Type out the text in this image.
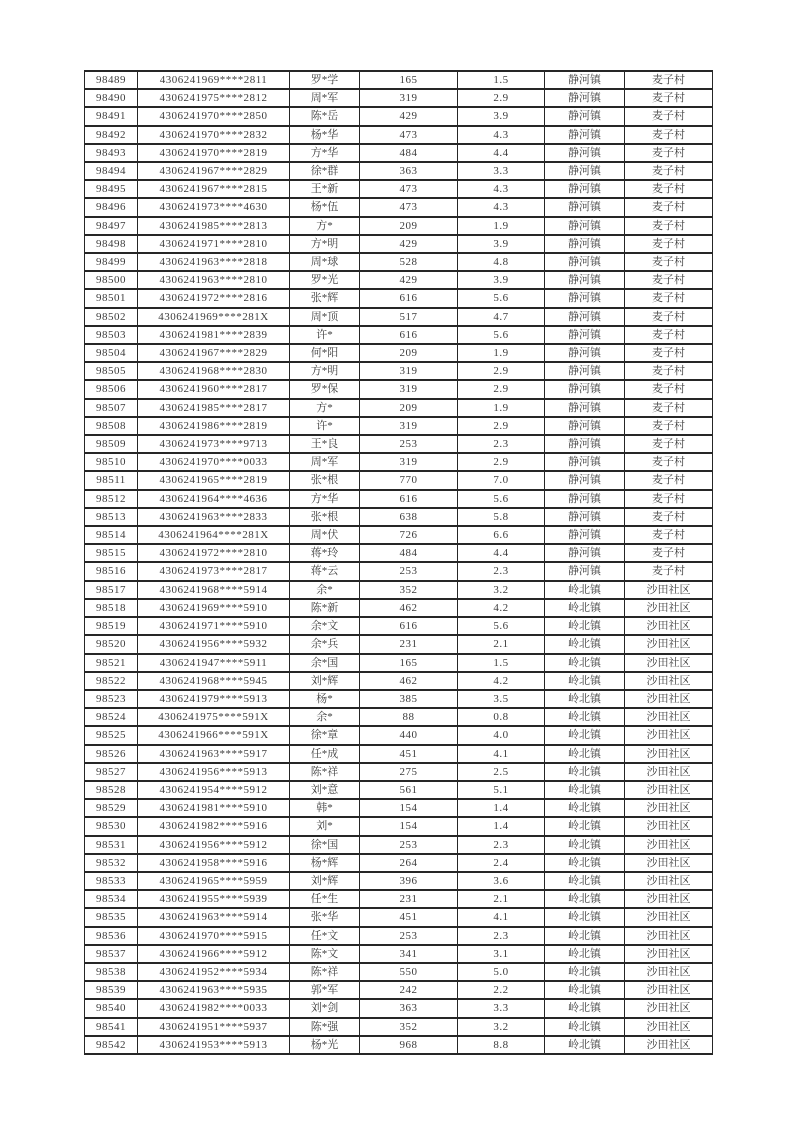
98489	4306241969****2811	罗*学	165	1.5	静河镇	麦子村
98490	4306241975****2812	周*军	319	2.9	静河镇	麦子村
98491	4306241970****2850	陈*岳	429	3.9	静河镇	麦子村
98492	4306241970****2832	杨*华	473	4.3	静河镇	麦子村
98493	4306241970****2819	方*华	484	4.4	静河镇	麦子村
98494	4306241967****2829	徐*群	363	3.3	静河镇	麦子村
98495	4306241967****2815	王*新	473	4.3	静河镇	麦子村
98496	4306241973****4630	杨*伍	473	4.3	静河镇	麦子村
98497	4306241985****2813	方*	209	1.9	静河镇	麦子村
98498	4306241971****2810	方*明	429	3.9	静河镇	麦子村
98499	4306241963****2818	周*球	528	4.8	静河镇	麦子村
98500	4306241963****2810	罗*光	429	3.9	静河镇	麦子村
98501	4306241972****2816	张*辉	616	5.6	静河镇	麦子村
98502	4306241969****281X	周*顶	517	4.7	静河镇	麦子村
98503	4306241981****2839	许*	616	5.6	静河镇	麦子村
98504	4306241967****2829	何*阳	209	1.9	静河镇	麦子村
98505	4306241968****2830	方*明	319	2.9	静河镇	麦子村
98506	4306241960****2817	罗*保	319	2.9	静河镇	麦子村
98507	4306241985****2817	方*	209	1.9	静河镇	麦子村
98508	4306241986****2819	许*	319	2.9	静河镇	麦子村
98509	4306241973****9713	王*良	253	2.3	静河镇	麦子村
98510	4306241970****0033	周*军	319	2.9	静河镇	麦子村
98511	4306241965****2819	张*根	770	7.0	静河镇	麦子村
98512	4306241964****4636	方*华	616	5.6	静河镇	麦子村
98513	4306241963****2833	张*根	638	5.8	静河镇	麦子村
98514	4306241964****281X	周*伏	726	6.6	静河镇	麦子村
98515	4306241972****2810	蒋*玲	484	4.4	静河镇	麦子村
98516	4306241973****2817	蒋*云	253	2.3	静河镇	麦子村
98517	4306241968****5914	余*	352	3.2	岭北镇	沙田社区
98518	4306241969****5910	陈*新	462	4.2	岭北镇	沙田社区
98519	4306241971****5910	余*文	616	5.6	岭北镇	沙田社区
98520	4306241956****5932	余*兵	231	2.1	岭北镇	沙田社区
98521	4306241947****5911	余*国	165	1.5	岭北镇	沙田社区
98522	4306241968****5945	刘*辉	462	4.2	岭北镇	沙田社区
98523	4306241979****5913	杨*	385	3.5	岭北镇	沙田社区
98524	4306241975****591X	余*	88	0.8	岭北镇	沙田社区
98525	4306241966****591X	徐*章	440	4.0	岭北镇	沙田社区
98526	4306241963****5917	任*成	451	4.1	岭北镇	沙田社区
98527	4306241956****5913	陈*祥	275	2.5	岭北镇	沙田社区
98528	4306241954****5912	刘*意	561	5.1	岭北镇	沙田社区
98529	4306241981****5910	韩*	154	1.4	岭北镇	沙田社区
98530	4306241982****5916	刘*	154	1.4	岭北镇	沙田社区
98531	4306241956****5912	徐*国	253	2.3	岭北镇	沙田社区
98532	4306241958****5916	杨*辉	264	2.4	岭北镇	沙田社区
98533	4306241965****5959	刘*辉	396	3.6	岭北镇	沙田社区
98534	4306241955****5939	任*生	231	2.1	岭北镇	沙田社区
98535	4306241963****5914	张*华	451	4.1	岭北镇	沙田社区
98536	4306241970****5915	任*文	253	2.3	岭北镇	沙田社区
98537	4306241966****5912	陈*文	341	3.1	岭北镇	沙田社区
98538	4306241952****5934	陈*祥	550	5.0	岭北镇	沙田社区
98539	4306241963****5935	郭*军	242	2.2	岭北镇	沙田社区
98540	4306241982****0033	刘*剑	363	3.3	岭北镇	沙田社区
98541	4306241951****5937	陈*强	352	3.2	岭北镇	沙田社区
98542	4306241953****5913	杨*光	968	8.8	岭北镇	沙田社区
